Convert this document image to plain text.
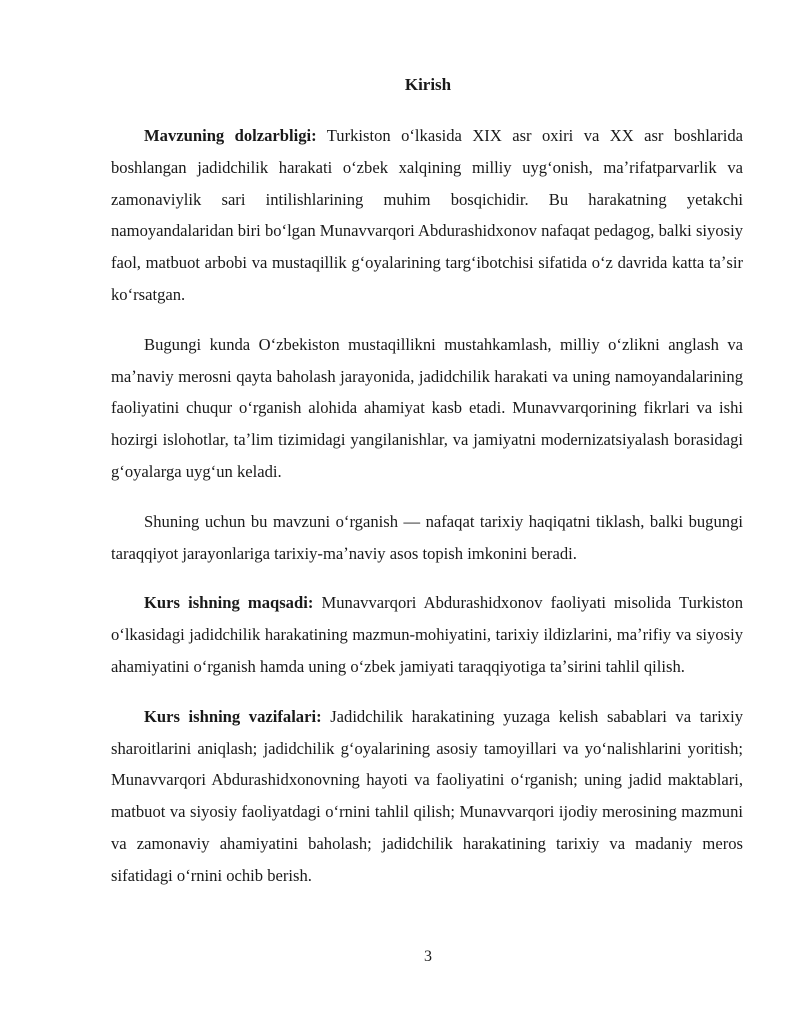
Kirish

Mavzuning dolzarbligi: Turkiston oʻlkasida XIX asr oxiri va XX asr boshlarida boshlangan jadidchilik harakati oʻzbek xalqining milliy uygʻonish, maʼrifatparvarlik va zamonaviylik sari intilishlarining muhim bosqichidir. Bu harakatning yetakchi namoyandalaridan biri boʻlgan Munavvarqori Abdurashidxonov nafaqat pedagog, balki siyosiy faol, matbuot arbobi va mustaqillik gʻoyalarining targʻibotchisi sifatida oʻz davrida katta taʼsir koʻrsatgan.

Bugungi kunda Oʻzbekiston mustaqillikni mustahkamlash, milliy oʻzlikni anglash va maʼnaviy merosni qayta baholash jarayonida, jadidchilik harakati va uning namoyandalarining faoliyatini chuqur oʻrganish alohida ahamiyat kasb etadi. Munavvarqorining fikrlari va ishi hozirgi islohotlar, taʼlim tizimidagi yangilanishlar, va jamiyatni modernizatsiyalash borasidagi gʻoyalarga uygʻun keladi.

Shuning uchun bu mavzuni oʻrganish — nafaqat tarixiy haqiqatni tiklash, balki bugungi taraqqiyot jarayonlariga tarixiy-maʼnaviy asos topish imkonini beradi.

Kurs ishning maqsadi: Munavvarqori Abdurashidxonov faoliyati misolida Turkiston oʻlkasidagi jadidchilik harakatining mazmun-mohiyatini, tarixiy ildizlarini, maʼrifiy va siyosiy ahamiyatini oʻrganish hamda uning oʻzbek jamiyati taraqqiyotiga taʼsirini tahlil qilish.

Kurs ishning vazifalari: Jadidchilik harakatining yuzaga kelish sabablari va tarixiy sharoitlarini aniqlash; jadidchilik gʻoyalarining asosiy tamoyillari va yoʻnalishlarini yoritish; Munavvarqori Abdurashidxonovning hayoti va faoliyatini oʻrganish; uning jadid maktablari, matbuot va siyosiy faoliyatdagi oʻrnini tahlil qilish; Munavvarqori ijodiy merosining mazmuni va zamonaviy ahamiyatini baholash; jadidchilik harakatining tarixiy va madaniy meros sifatidagi oʻrnini ochib berish.

3
